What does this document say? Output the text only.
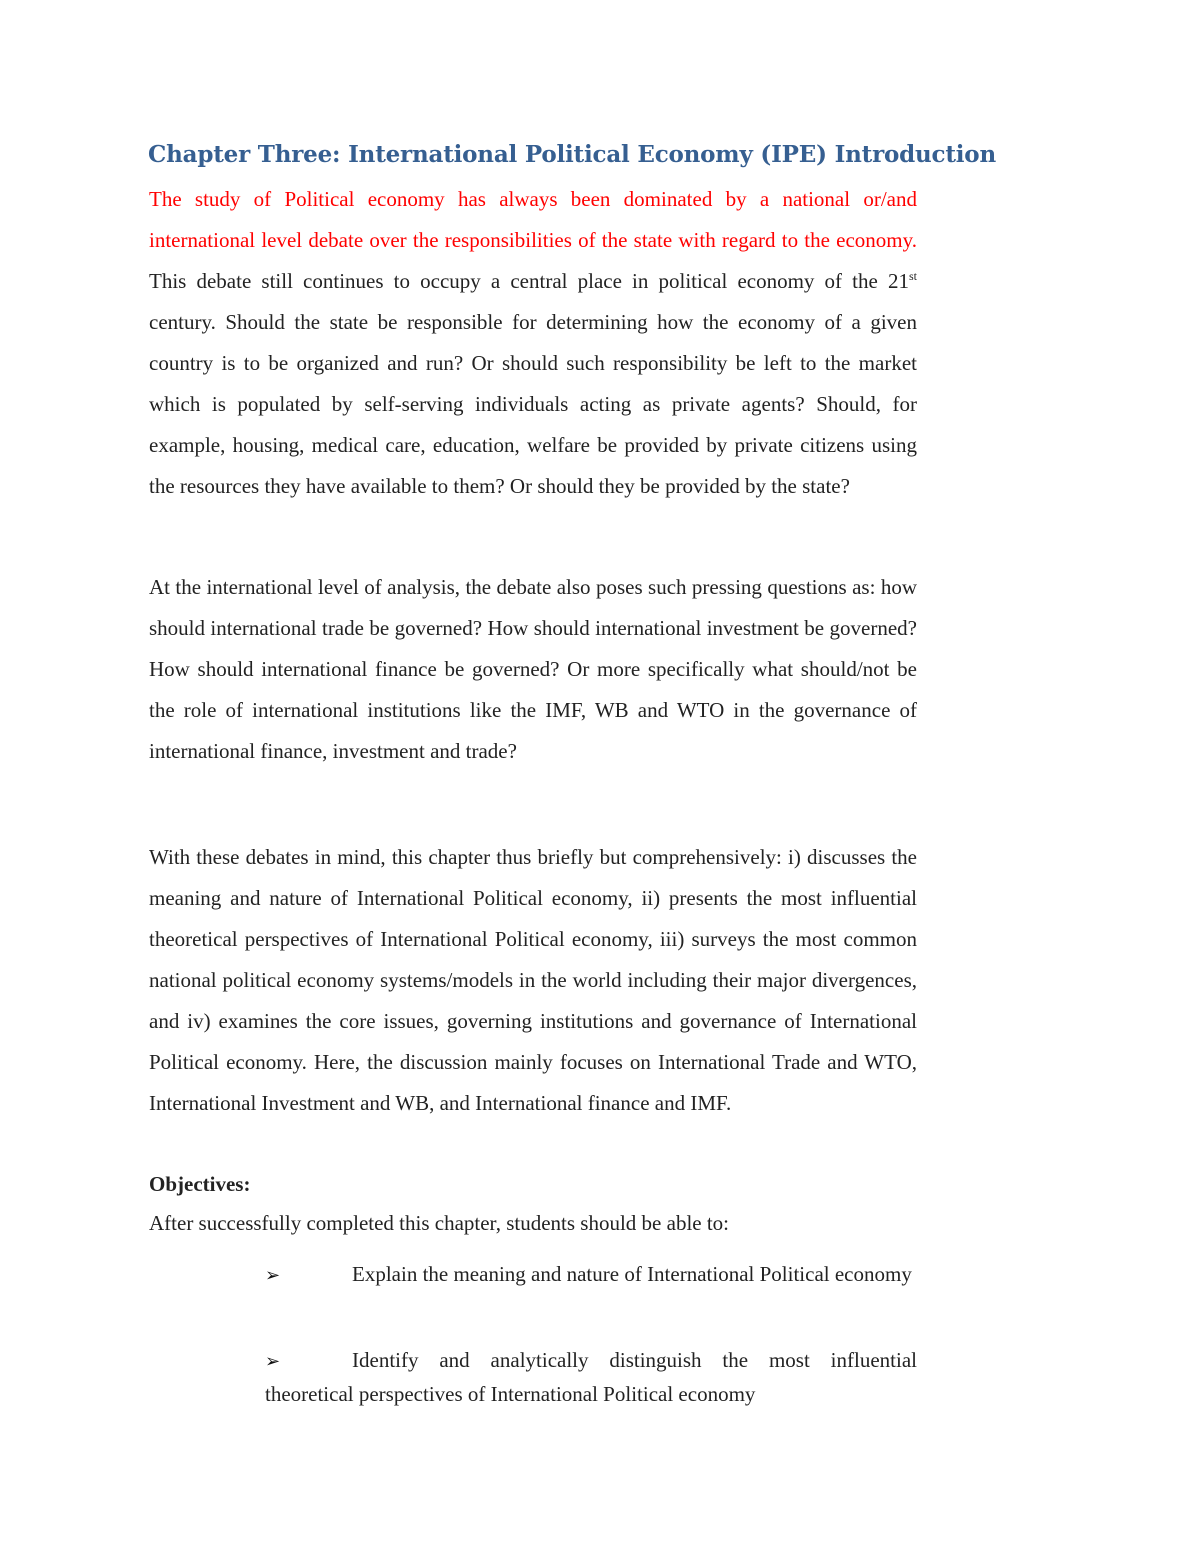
Chapter Three: International Political Economy (IPE) Introduction

The study of Political economy has always been dominated by a national or/and international level debate over the responsibilities of the state with regard to the economy. This debate still continues to occupy a central place in political economy of the 21st century. Should the state be responsible for determining how the economy of a given country is to be organized and run? Or should such responsibility be left to the market which is populated by self-serving individuals acting as private agents? Should, for example, housing, medical care, education, welfare be provided by private citizens using the resources they have available to them? Or should they be provided by the state?

At the international level of analysis, the debate also poses such pressing questions as: how should international trade be governed? How should international investment be governed? How should international finance be governed? Or more specifically what should/not be the role of international institutions like the IMF, WB and WTO in the governance of international finance, investment and trade?

With these debates in mind, this chapter thus briefly but comprehensively: i) discusses the meaning and nature of International Political economy, ii) presents the most influential theoretical perspectives of International Political economy, iii) surveys the most common national political economy systems/models in the world including their major divergences, and iv) examines the core issues, governing institutions and governance of International Political economy. Here, the discussion mainly focuses on International Trade and WTO, International Investment and WB, and International finance and IMF.

Objectives:
After successfully completed this chapter, students should be able to:

➢	Explain the meaning and nature of International Political economy

➢	Identify and analytically distinguish the most influential theoretical perspectives of International Political economy
